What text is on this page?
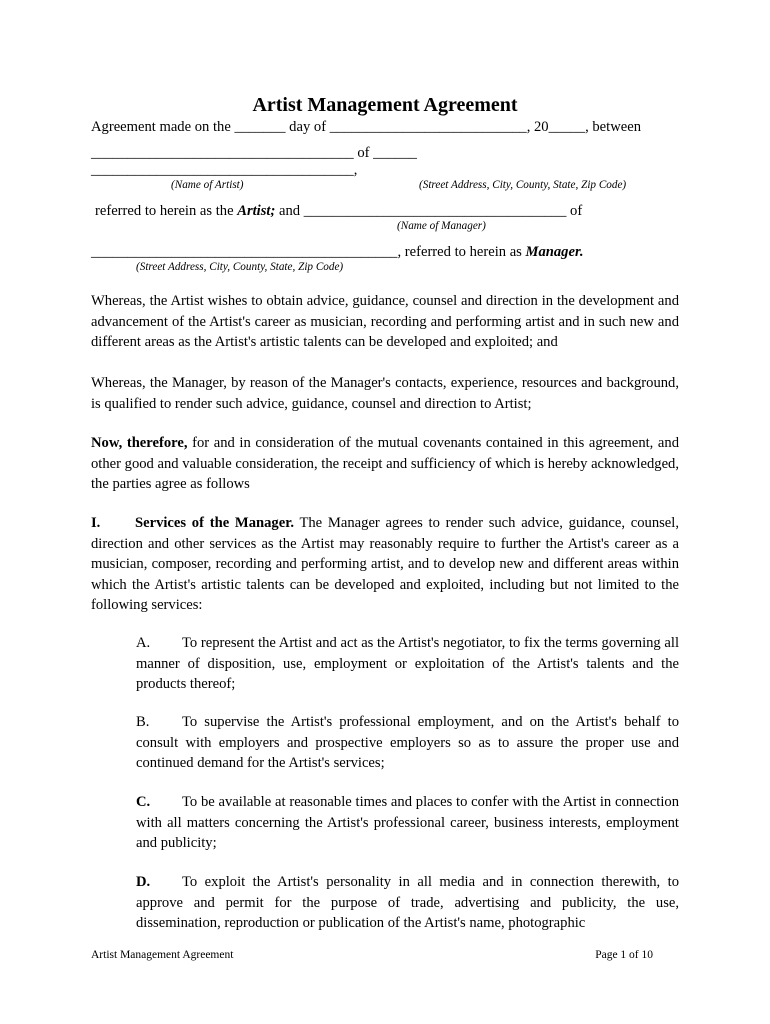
Artist Management Agreement
Agreement made on the _______ day of ___________________________, 20_____, between
____________________________________ of ______
____________________________________,
(Name of Artist)	(Street Address, City, County, State, Zip Code)
referred to herein as the Artist; and ____________________________________ of
(Name of Manager)
__________________________________________, referred to herein as Manager.
(Street Address, City, County, State, Zip Code)
Whereas, the Artist wishes to obtain advice, guidance, counsel and direction in the development and advancement of the Artist's career as musician, recording and performing artist and in such new and different areas as the Artist's artistic talents can be developed and exploited; and
Whereas, the Manager, by reason of the Manager's contacts, experience, resources and background, is qualified to render such advice, guidance, counsel and direction to Artist;
Now, therefore, for and in consideration of the mutual covenants contained in this agreement, and other good and valuable consideration, the receipt and sufficiency of which is hereby acknowledged, the parties agree as follows
I. Services of the Manager. The Manager agrees to render such advice, guidance, counsel, direction and other services as the Artist may reasonably require to further the Artist's career as a musician, composer, recording and performing artist, and to develop new and different areas within which the Artist's artistic talents can be developed and exploited, including but not limited to the following services:
A. To represent the Artist and act as the Artist's negotiator, to fix the terms governing all manner of disposition, use, employment or exploitation of the Artist's talents and the products thereof;
B. To supervise the Artist's professional employment, and on the Artist's behalf to consult with employers and prospective employers so as to assure the proper use and continued demand for the Artist's services;
C. To be available at reasonable times and places to confer with the Artist in connection with all matters concerning the Artist's professional career, business interests, employment and publicity;
D. To exploit the Artist's personality in all media and in connection therewith, to approve and permit for the purpose of trade, advertising and publicity, the use, dissemination, reproduction or publication of the Artist's name, photographic
Artist Management Agreement	Page 1 of 10
